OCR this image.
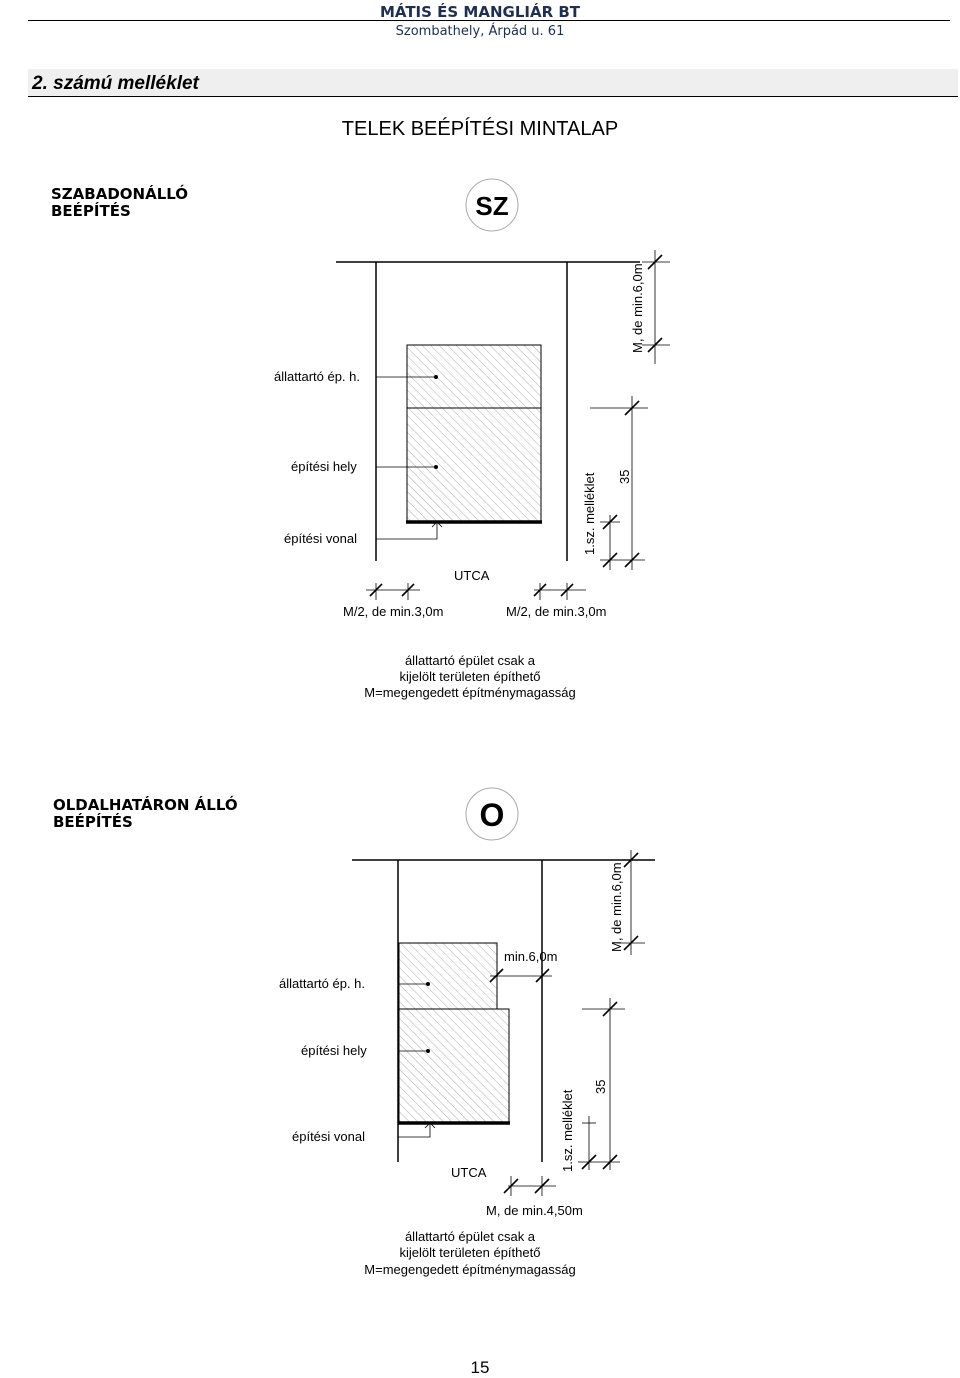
MÁTIS ÉS MANGLIÁR BT
Szombathely, Árpád u. 61
2. számú melléklet
TELEK BEÉPÍTÉSI MINTALAP
SZABADONÁLLÓ
BEÉPÍTÉS	SZ
állattartó ép. h.
építési hely
építési vonal
UTCA
M/2, de min.3,0m	M/2, de min.3,0m
M, de min.6,0m
35
1.sz. melléklet
állattartó épület csak a
kijelölt területen építhető
M=megengedett építménymagasság
OLDALHATÁRON ÁLLÓ
BEÉPÍTÉS	O
állattartó ép. h.
építési hely
építési vonal
UTCA
min.6,0m
M, de min.4,50m
M, de min.6,0m
35
1.sz. melléklet
állattartó épület csak a
kijelölt területen építhető
M=megengedett építménymagasság
15
